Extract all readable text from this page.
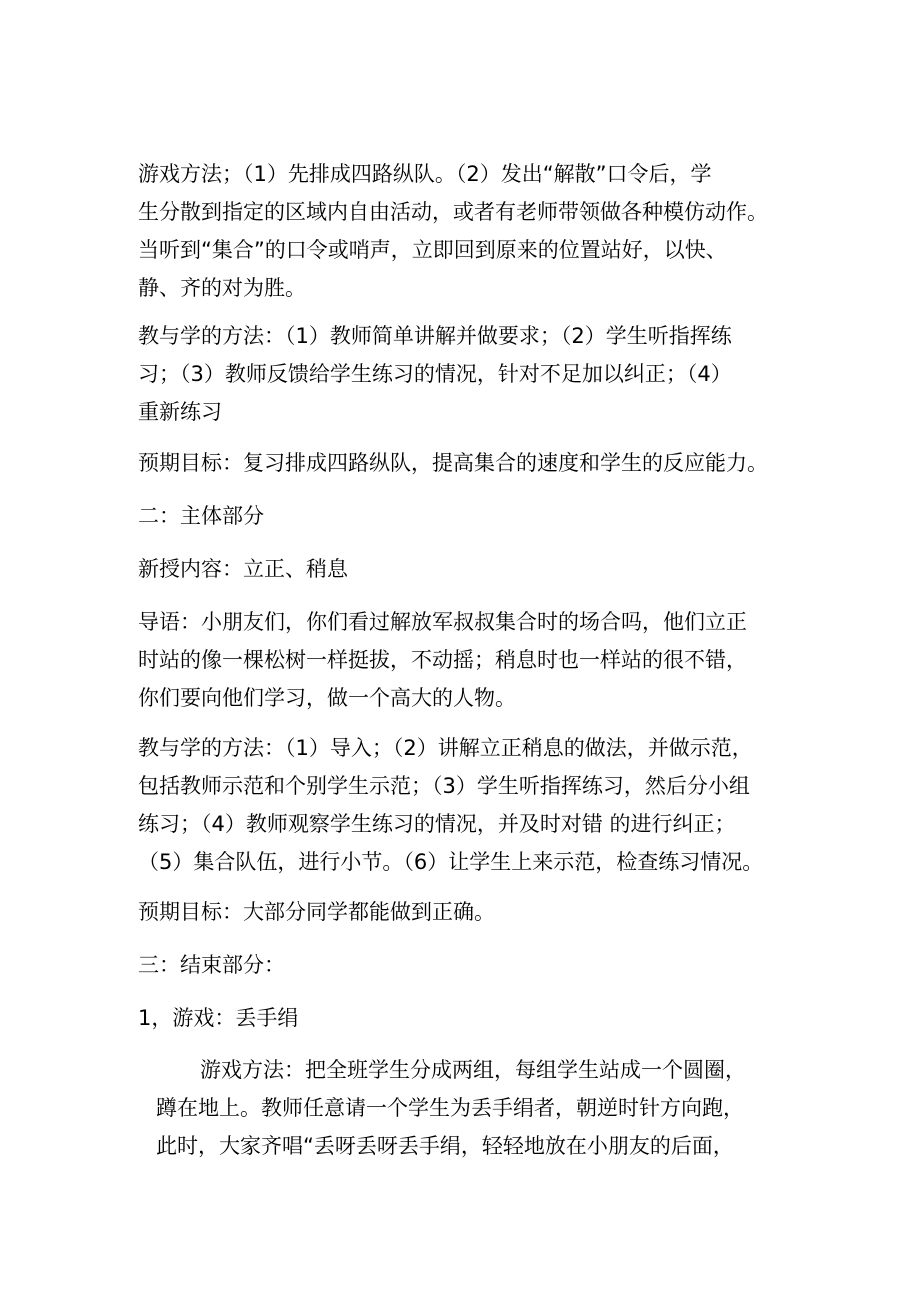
游戏方法；（1）先排成四路纵队。（2）发出“解散”口令后，学
生分散到指定的区域内自由活动，或者有老师带领做各种模仿动作。
当听到“集合”的口令或哨声，立即回到原来的位置站好，以快、
静、齐的对为胜。
教与学的方法：（1）教师简单讲解并做要求；（2）学生听指挥练
习；（3）教师反馈给学生练习的情况，针对不足加以纠正；（4）
重新练习
预期目标：复习排成四路纵队，提高集合的速度和学生的反应能力。
二：主体部分
新授内容：立正、稍息
导语：小朋友们，你们看过解放军叔叔集合时的场合吗，他们立正
时站的像一棵松树一样挺拔，不动摇；稍息时也一样站的很不错，
你们要向他们学习，做一个高大的人物。
教与学的方法：（1）导入；（2）讲解立正稍息的做法，并做示范，
包括教师示范和个别学生示范；（3）学生听指挥练习，然后分小组
练习；（4）教师观察学生练习的情况，并及时对错 的进行纠正；
（5）集合队伍，进行小节。（6）让学生上来示范，检查练习情况。
预期目标：大部分同学都能做到正确。
三：结束部分：
1，游戏：丢手绢
游戏方法：把全班学生分成两组，每组学生站成一个圆圈，
蹲在地上。教师任意请一个学生为丢手绢者，朝逆时针方向跑，
此时，大家齐唱“丢呀丢呀丢手绢，轻轻地放在小朋友的后面，
